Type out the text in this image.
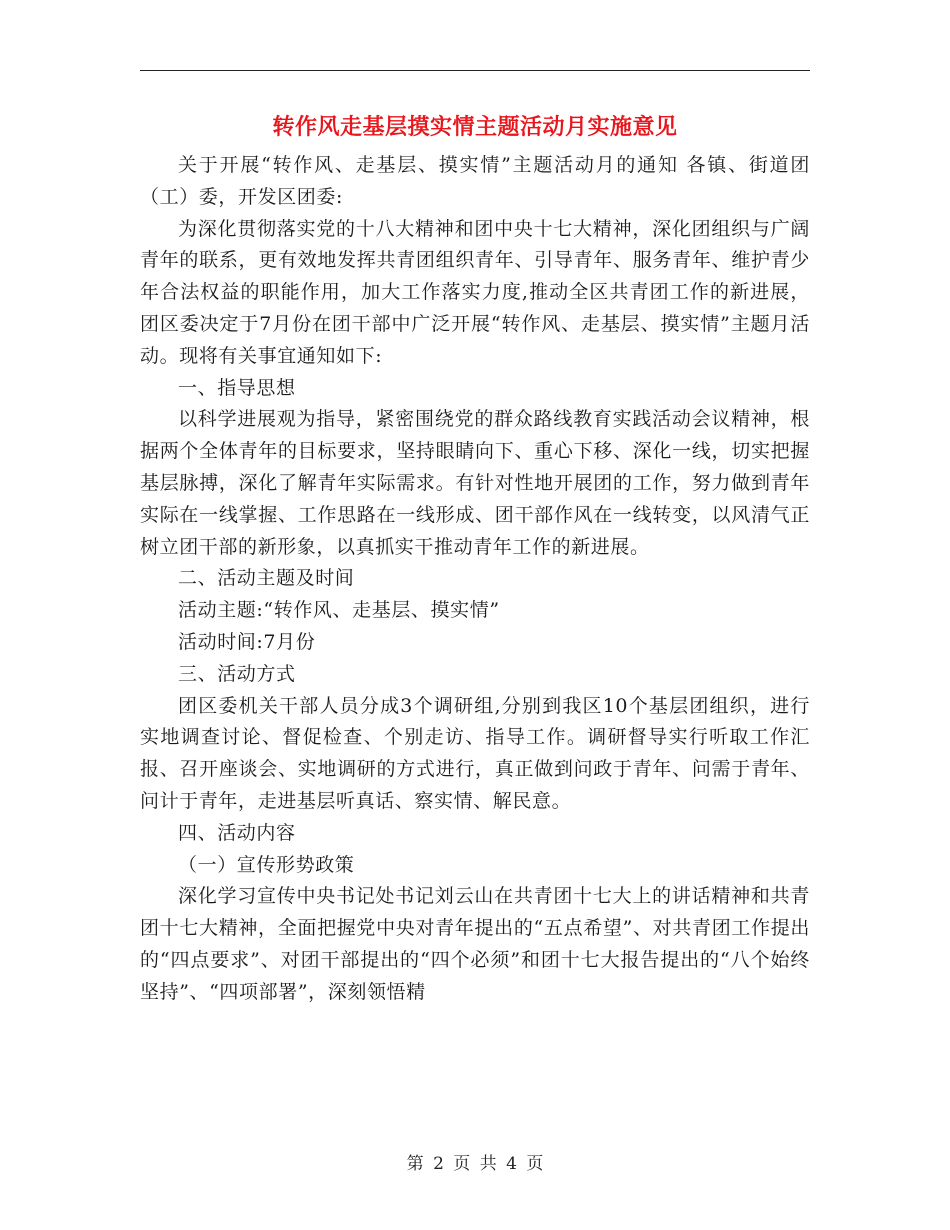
转作风走基层摸实情主题活动月实施意见

关于开展“转作风、走基层、摸实情”主题活动月的通知 各镇、街道团（工）委，开发区团委:

为深化贯彻落实党的十八大精神和团中央十七大精神，深化团组织与广阔青年的联系，更有效地发挥共青团组织青年、引导青年、服务青年、维护青少年合法权益的职能作用，加大工作落实力度,推动全区共青团工作的新进展，团区委决定于7月份在团干部中广泛开展“转作风、走基层、摸实情”主题月活动。现将有关事宜通知如下:

一、指导思想

以科学进展观为指导，紧密围绕党的群众路线教育实践活动会议精神，根据两个全体青年的目标要求，坚持眼睛向下、重心下移、深化一线，切实把握基层脉搏，深化了解青年实际需求。有针对性地开展团的工作，努力做到青年实际在一线掌握、工作思路在一线形成、团干部作风在一线转变，以风清气正树立团干部的新形象，以真抓实干推动青年工作的新进展。

二、活动主题及时间

活动主题:“转作风、走基层、摸实情”

活动时间:7月份

三、活动方式

团区委机关干部人员分成3个调研组,分别到我区10个基层团组织，进行实地调查讨论、督促检查、个别走访、指导工作。调研督导实行听取工作汇报、召开座谈会、实地调研的方式进行，真正做到问政于青年、问需于青年、问计于青年，走进基层听真话、察实情、解民意。

四、活动内容

（一）宣传形势政策

深化学习宣传中央书记处书记刘云山在共青团十七大上的讲话精神和共青团十七大精神，全面把握党中央对青年提出的“五点希望”、对共青团工作提出的“四点要求”、对团干部提出的“四个必须”和团十七大报告提出的“八个始终坚持”、“四项部署”，深刻领悟精

第 2 页 共 4 页
